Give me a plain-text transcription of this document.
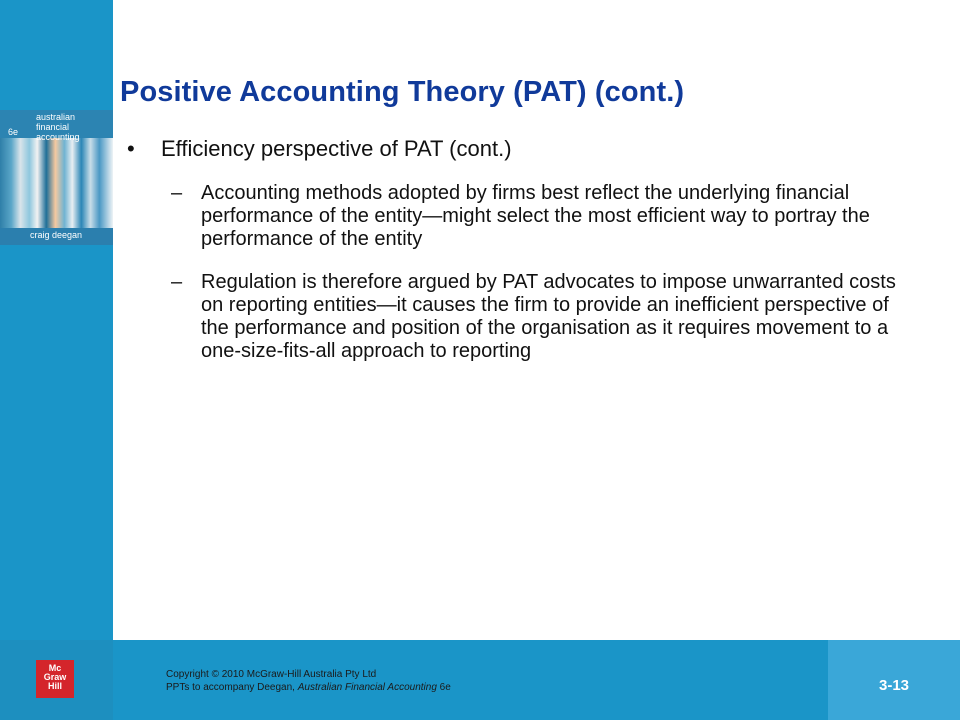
australian
financial accounting
6e
craig deegan
Positive Accounting Theory (PAT) (cont.)
•	Efficiency perspective of PAT (cont.)
– Accounting methods adopted by firms best reflect the underlying financial performance of the entity—might select the most efficient way to portray the performance of the entity
– Regulation is therefore argued by PAT advocates to impose unwarranted costs on reporting entities—it causes the firm to provide an inefficient perspective of the performance and position of the organisation as it requires movement to a one-size-fits-all approach to reporting
Mc
Graw
Hill
Copyright © 2010 McGraw-Hill Australia Pty Ltd
PPTs to accompany Deegan, Australian Financial Accounting 6e	3-13
